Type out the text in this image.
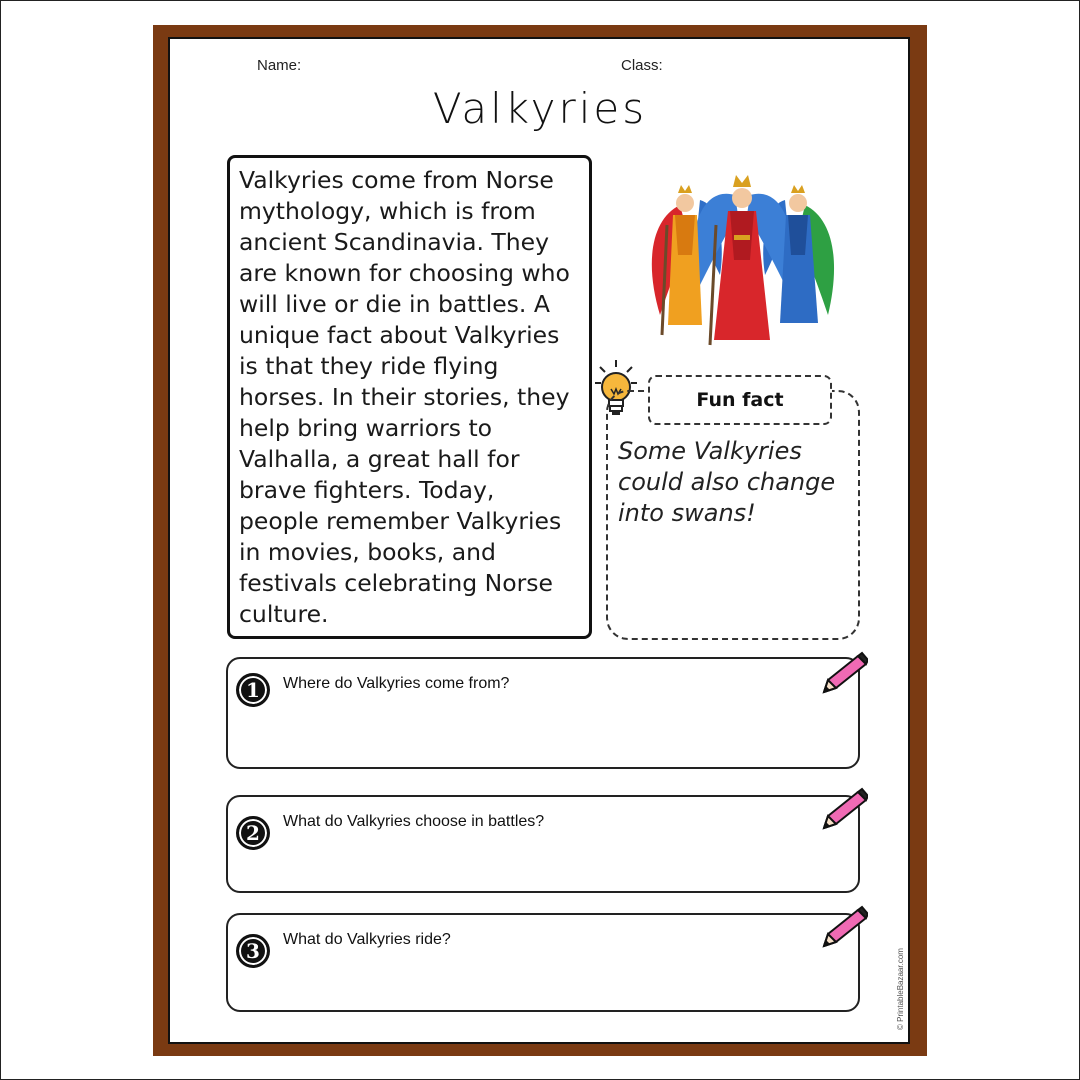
Name:	Class:
Valkyries

Valkyries come from Norse mythology, which is from ancient Scandinavia. They are known for choosing who will live or die in battles. A unique fact about Valkyries is that they ride flying horses. In their stories, they help bring warriors to Valhalla, a great hall for brave fighters. Today, people remember Valkyries in movies, books, and festivals celebrating Norse culture.

Fun fact
Some Valkyries could also change into swans!
1	Where do Valkyries come from?
2	What do Valkyries choose in battles?
3	What do Valkyries ride?
© PrintableBazaar.com
